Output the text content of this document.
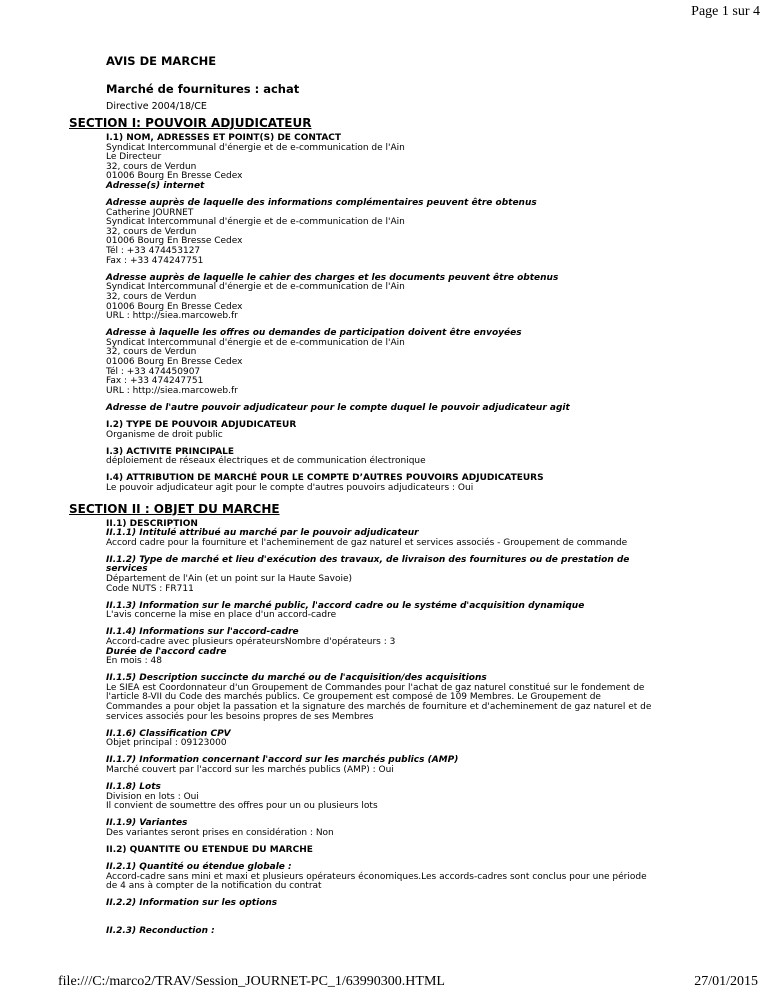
Page 1 sur 4
AVIS DE MARCHE
Marché de fournitures : achat
Directive 2004/18/CE
SECTION I: POUVOIR ADJUDICATEUR
I.1) NOM, ADRESSES ET POINT(S) DE CONTACT
Syndicat Intercommunal d'énergie et de e-communication de l'Ain
Le Directeur
32, cours de Verdun
01006 Bourg En Bresse Cedex
Adresse(s) internet
Adresse auprès de laquelle des informations complémentaires peuvent être obtenus
Catherine JOURNET
Syndicat Intercommunal d'énergie et de e-communication de l'Ain
32, cours de Verdun
01006 Bourg En Bresse Cedex
Tél : +33 474453127
Fax : +33 474247751
Adresse auprès de laquelle le cahier des charges et les documents peuvent être obtenus
Syndicat Intercommunal d'énergie et de e-communication de l'Ain
32, cours de Verdun
01006 Bourg En Bresse Cedex
URL : http://siea.marcoweb.fr
Adresse à laquelle les offres ou demandes de participation doivent être envoyées
Syndicat Intercommunal d'énergie et de e-communication de l'Ain
32, cours de Verdun
01006 Bourg En Bresse Cedex
Tél : +33 474450907
Fax : +33 474247751
URL : http://siea.marcoweb.fr
Adresse de l'autre pouvoir adjudicateur pour le compte duquel le pouvoir adjudicateur agit
I.2) TYPE DE POUVOIR ADJUDICATEUR
Organisme de droit public
I.3) ACTIVITE PRINCIPALE
déploiement de réseaux électriques et de communication électronique
I.4) ATTRIBUTION DE MARCHÉ POUR LE COMPTE D’AUTRES POUVOIRS ADJUDICATEURS
Le pouvoir adjudicateur agit pour le compte d'autres pouvoirs adjudicateurs : Oui
SECTION II : OBJET DU MARCHE
II.1) DESCRIPTION
II.1.1) Intitulé attribué au marché par le pouvoir adjudicateur
Accord cadre pour la fourniture et l'acheminement de gaz naturel et services associés - Groupement de commande
II.1.2) Type de marché et lieu d'exécution des travaux, de livraison des fournitures ou de prestation de
services
Département de l'Ain (et un point sur la Haute Savoie)
Code NUTS : FR711
II.1.3) Information sur le marché public, l'accord cadre ou le systéme d'acquisition dynamique
L'avis concerne la mise en place d'un accord-cadre
II.1.4) Informations sur l'accord-cadre
Accord-cadre avec plusieurs opérateursNombre d'opérateurs : 3
Durée de l'accord cadre
En mois : 48
II.1.5) Description succincte du marché ou de l'acquisition/des acquisitions
Le SIEA est Coordonnateur d'un Groupement de Commandes pour l'achat de gaz naturel constitué sur le fondement de
l'article 8-VII du Code des marchés publics. Ce groupement est composé de 109 Membres. Le Groupement de
Commandes a pour objet la passation et la signature des marchés de fourniture et d'acheminement de gaz naturel et de
services associés pour les besoins propres de ses Membres
II.1.6) Classification CPV
Objet principal : 09123000
II.1.7) Information concernant l'accord sur les marchés publics (AMP)
Marché couvert par l'accord sur les marchés publics (AMP) : Oui
II.1.8) Lots
Division en lots : Oui
Il convient de soumettre des offres pour un ou plusieurs lots
II.1.9) Variantes
Des variantes seront prises en considération : Non
II.2) QUANTITE OU ETENDUE DU MARCHE
II.2.1) Quantité ou étendue globale :
Accord-cadre sans mini et maxi et plusieurs opérateurs économiques.Les accords-cadres sont conclus pour une période
de 4 ans à compter de la notification du contrat
II.2.2) Information sur les options
II.2.3) Reconduction :
file:///C:/marco2/TRAV/Session_JOURNET-PC_1/63990300.HTML	27/01/2015
